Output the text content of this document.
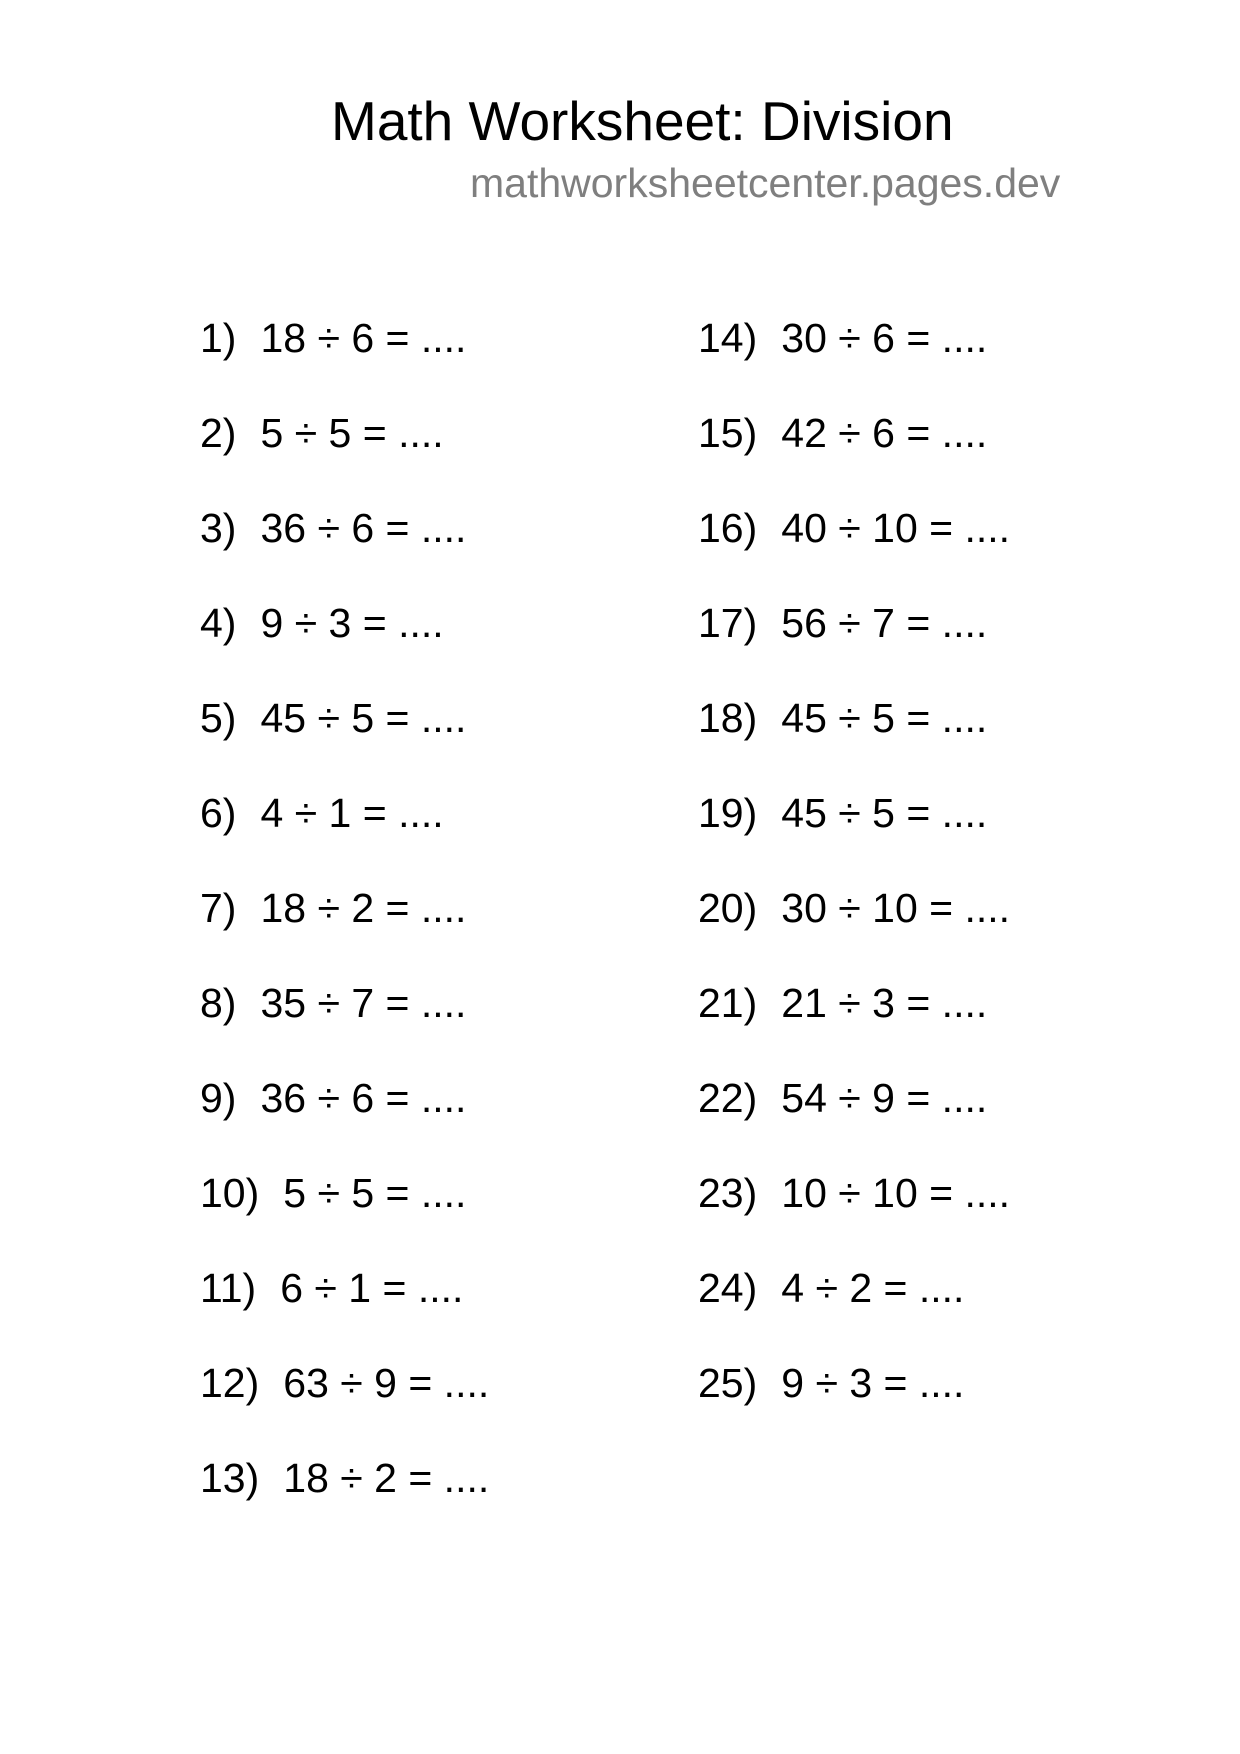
Math Worksheet: Division
mathworksheetcenter.pages.dev
1) 18 ÷ 6 = ....
2) 5 ÷ 5 = ....
3) 36 ÷ 6 = ....
4) 9 ÷ 3 = ....
5) 45 ÷ 5 = ....
6) 4 ÷ 1 = ....
7) 18 ÷ 2 = ....
8) 35 ÷ 7 = ....
9) 36 ÷ 6 = ....
10) 5 ÷ 5 = ....
11) 6 ÷ 1 = ....
12) 63 ÷ 9 = ....
13) 18 ÷ 2 = ....
14) 30 ÷ 6 = ....
15) 42 ÷ 6 = ....
16) 40 ÷ 10 = ....
17) 56 ÷ 7 = ....
18) 45 ÷ 5 = ....
19) 45 ÷ 5 = ....
20) 30 ÷ 10 = ....
21) 21 ÷ 3 = ....
22) 54 ÷ 9 = ....
23) 10 ÷ 10 = ....
24) 4 ÷ 2 = ....
25) 9 ÷ 3 = ....
